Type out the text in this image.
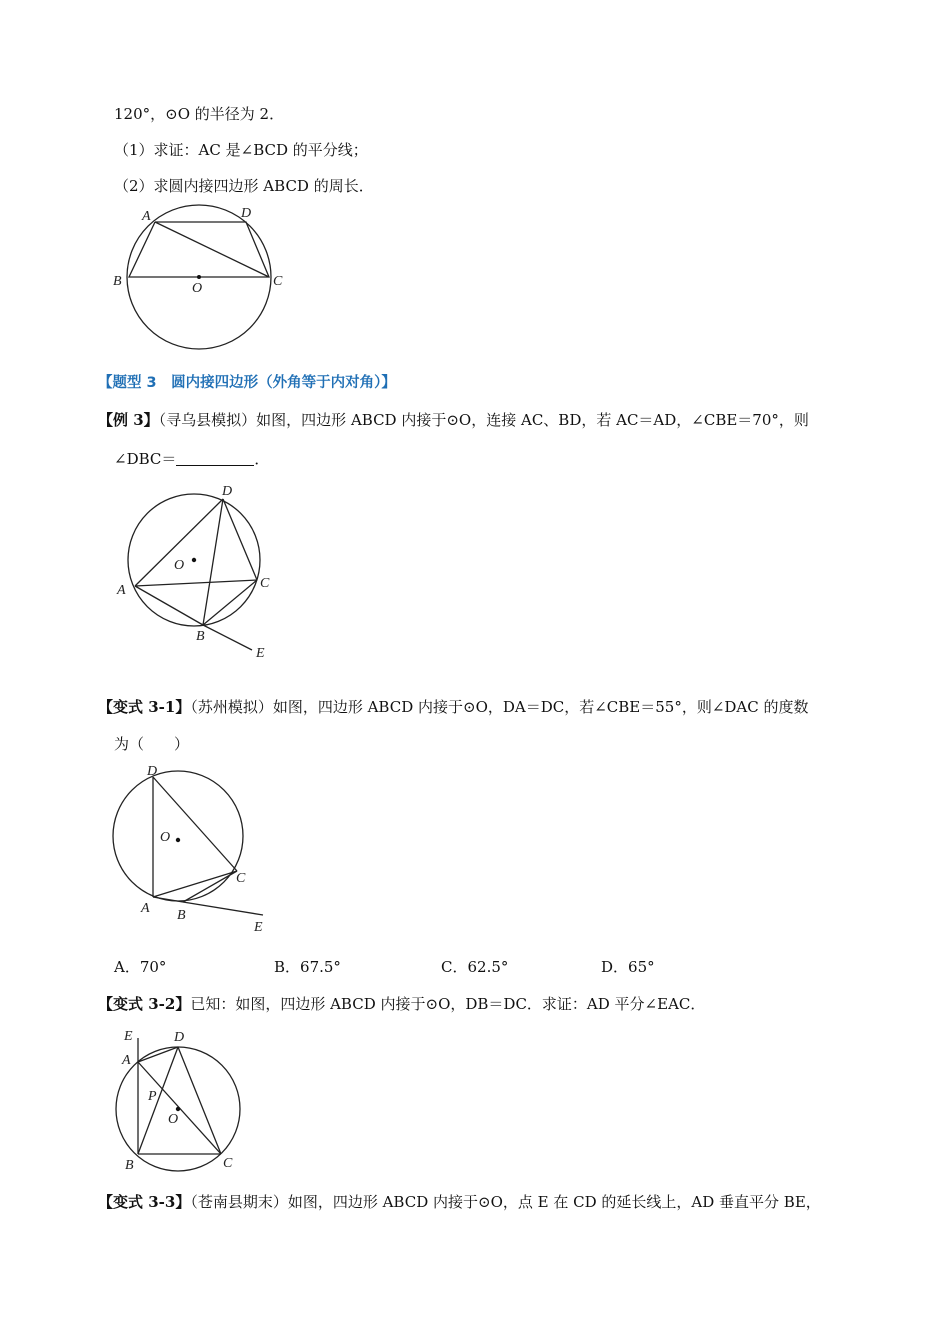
120°，⊙O 的半径为 2．
（1）求证：AC 是∠BCD 的平分线；
（2）求圆内接四边形 ABCD 的周长．
A	D
B	C
O
【题型 3　圆内接四边形（外角等于内对角）】
【例 3】（寻乌县模拟）如图，四边形 ABCD 内接于⊙O，连接 AC、BD，若 AC＝AD，∠CBE＝70°，则
∠DBC＝	．
D
O
A	C
B
E
【变式 3-1】（苏州模拟）如图，四边形 ABCD 内接于⊙O，DA＝DC，若∠CBE＝55°，则∠DAC 的度数
为（　　）
D
O
C
A B
E
A．70°	B．67.5°	C．62.5°	D．65°
【变式 3-2】已知：如图，四边形 ABCD 内接于⊙O，DB＝DC．求证：AD 平分∠EAC．
E	D
A
P
O
B	C
【变式 3-3】（苍南县期末）如图，四边形 ABCD 内接于⊙O，点 E 在 CD 的延长线上，AD 垂直平分 BE，
